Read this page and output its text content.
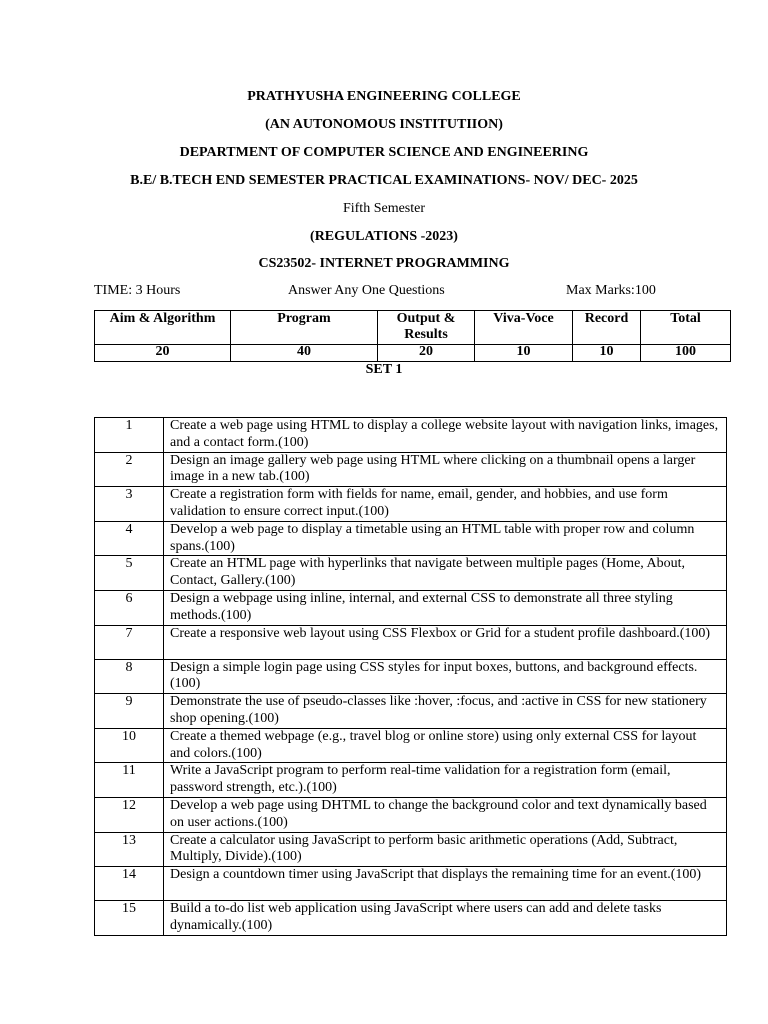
PRATHYUSHA ENGINEERING COLLEGE
(AN AUTONOMOUS INSTITUTIION)
DEPARTMENT OF COMPUTER SCIENCE AND ENGINEERING
B.E/ B.TECH END SEMESTER PRACTICAL EXAMINATIONS- NOV/ DEC- 2025
Fifth Semester
(REGULATIONS -2023)
CS23502- INTERNET PROGRAMMING
TIME: 3 Hours	Answer Any One Questions	Max Marks:100
Aim & Algorithm	Program	Output & Results	Viva-Voce	Record	Total
20	40	20	10	10	100
SET 1
1	Create a web page using HTML to display a college website layout with navigation links, images, and a contact form.(100)
2	Design an image gallery web page using HTML where clicking on a thumbnail opens a larger image in a new tab.(100)
3	Create a registration form with fields for name, email, gender, and hobbies, and use form validation to ensure correct input.(100)
4	Develop a web page to display a timetable using an HTML table with proper row and column spans.(100)
5	Create an HTML page with hyperlinks that navigate between multiple pages (Home, About, Contact, Gallery.(100)
6	Design a webpage using inline, internal, and external CSS to demonstrate all three styling methods.(100)
7	Create a responsive web layout using CSS Flexbox or Grid for a student profile dashboard.(100)
8	Design a simple login page using CSS styles for input boxes, buttons, and background effects.(100)
9	Demonstrate the use of pseudo-classes like :hover, :focus, and :active in CSS for new stationery shop opening.(100)
10	Create a themed webpage (e.g., travel blog or online store) using only external CSS for layout and colors.(100)
11	Write a JavaScript program to perform real-time validation for a registration form (email, password strength, etc.).(100)
12	Develop a web page using DHTML to change the background color and text dynamically based on user actions.(100)
13	Create a calculator using JavaScript to perform basic arithmetic operations (Add, Subtract, Multiply, Divide).(100)
14	Design a countdown timer using JavaScript that displays the remaining time for an event.(100)
15	Build a to-do list web application using JavaScript where users can add and delete tasks dynamically.(100)
